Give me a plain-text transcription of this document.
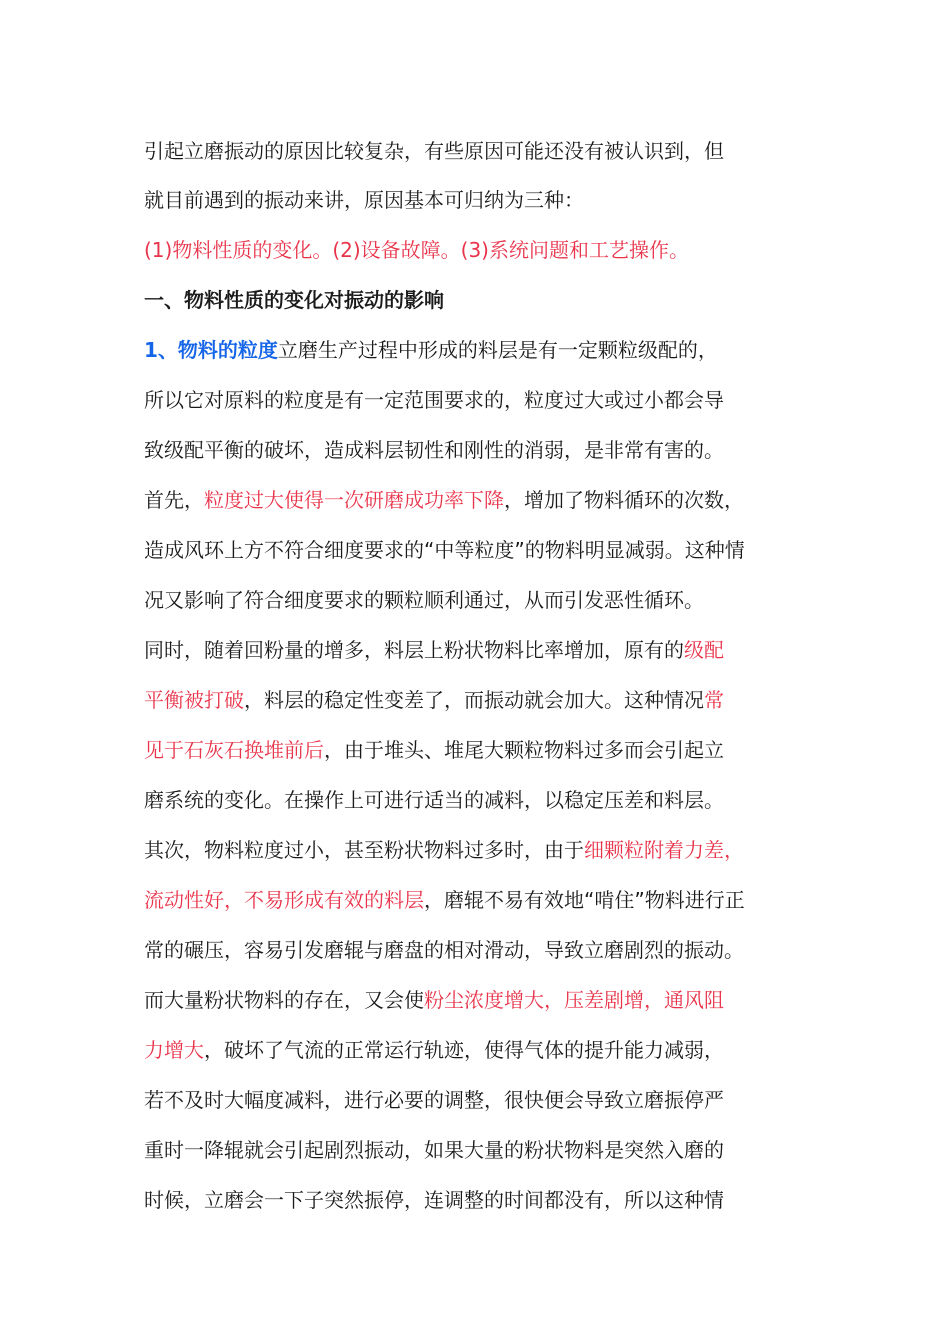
引起立磨振动的原因比较复杂，有些原因可能还没有被认识到，但
就目前遇到的振动来讲，原因基本可归纳为三种：
(1)物料性质的变化。(2)设备故障。(3)系统问题和工艺操作。
一、物料性质的变化对振动的影响
1、物料的粒度立磨生产过程中形成的料层是有一定颗粒级配的，
所以它对原料的粒度是有一定范围要求的，粒度过大或过小都会导
致级配平衡的破坏，造成料层韧性和刚性的消弱，是非常有害的。
首先，粒度过大使得一次研磨成功率下降，增加了物料循环的次数，
造成风环上方不符合细度要求的“中等粒度”的物料明显减弱。这种情
况又影响了符合细度要求的颗粒顺利通过，从而引发恶性循环。
同时，随着回粉量的增多，料层上粉状物料比率增加，原有的级配
平衡被打破，料层的稳定性变差了，而振动就会加大。这种情况常
见于石灰石换堆前后，由于堆头、堆尾大颗粒物料过多而会引起立
磨系统的变化。在操作上可进行适当的减料，以稳定压差和料层。
其次，物料粒度过小，甚至粉状物料过多时，由于细颗粒附着力差，
流动性好，不易形成有效的料层，磨辊不易有效地“啃住”物料进行正
常的碾压，容易引发磨辊与磨盘的相对滑动，导致立磨剧烈的振动。
而大量粉状物料的存在，又会使粉尘浓度增大，压差剧增，通风阻
力增大，破坏了气流的正常运行轨迹，使得气体的提升能力减弱，
若不及时大幅度减料，进行必要的调整，很快便会导致立磨振停严
重时一降辊就会引起剧烈振动，如果大量的粉状物料是突然入磨的
时候，立磨会一下子突然振停，连调整的时间都没有，所以这种情
